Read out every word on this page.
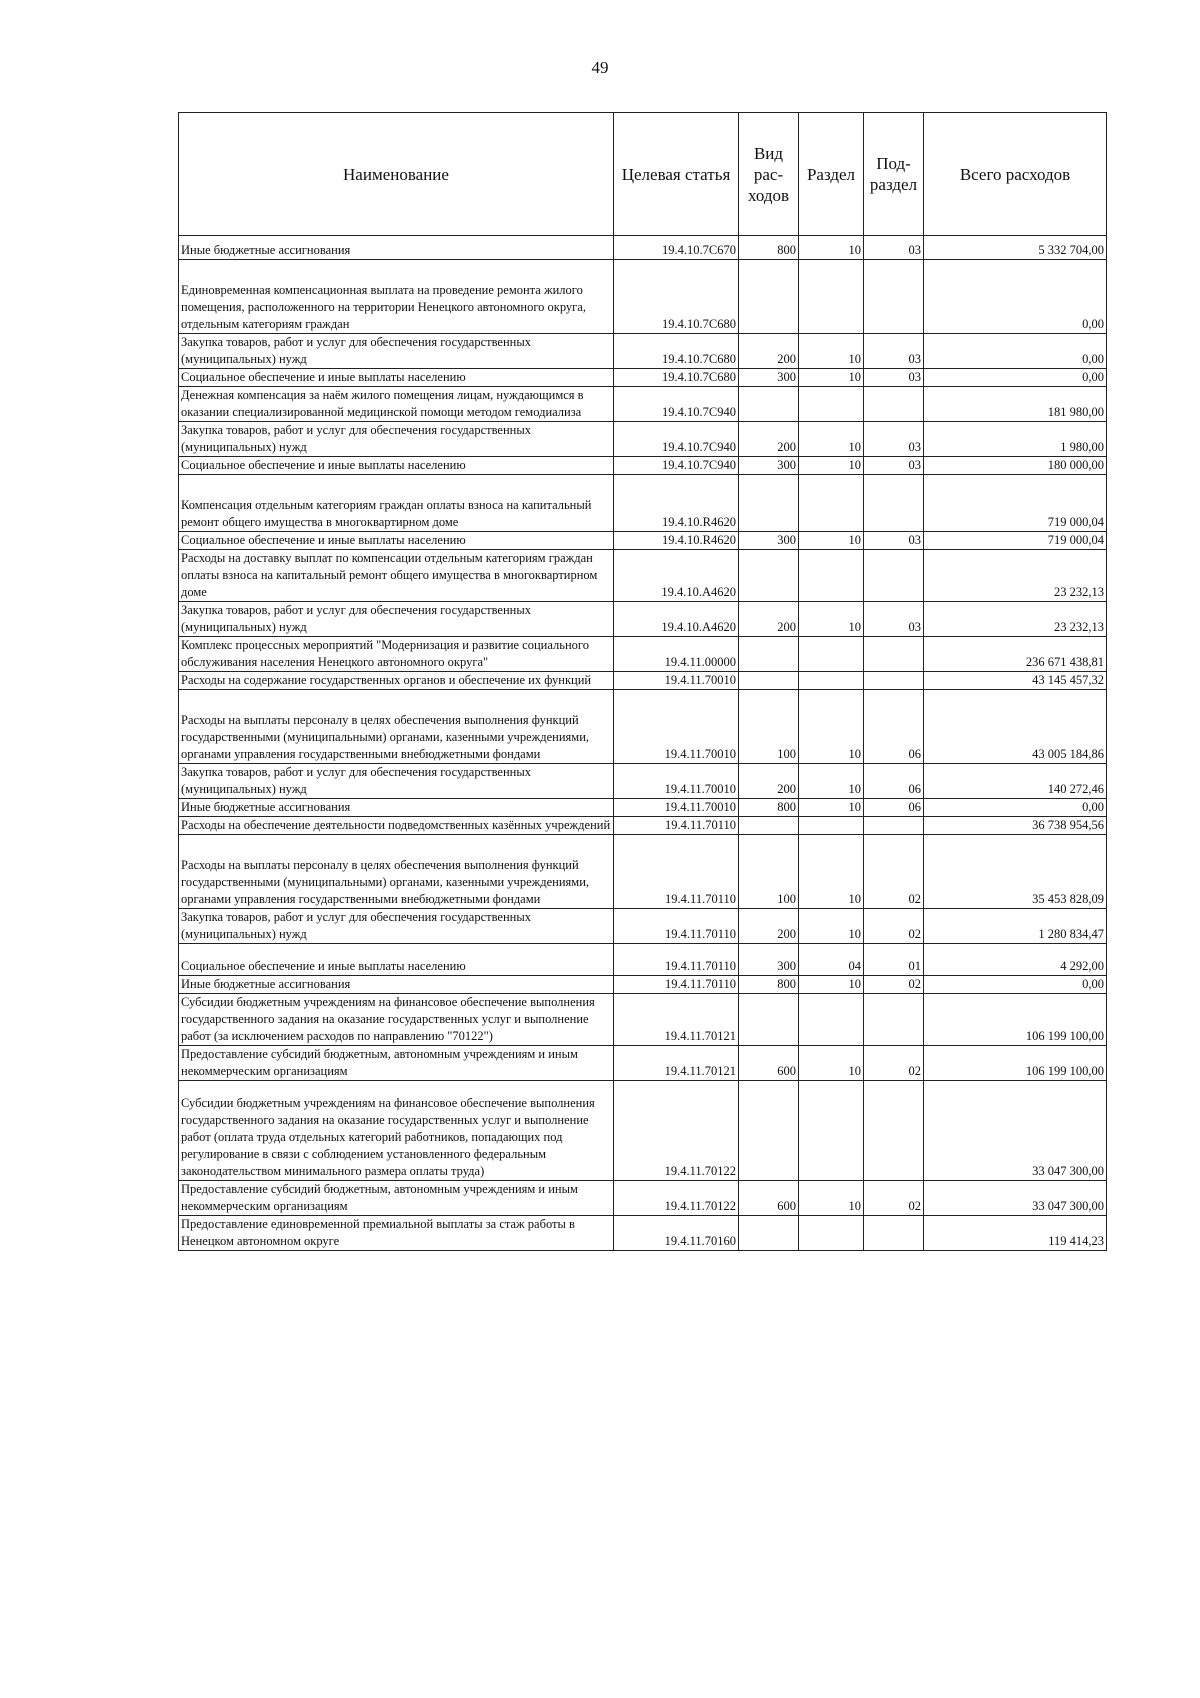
49
Наименование	Целевая статья	Вид рас-ходов	Раздел	Под-раздел	Всего расходов
Иные бюджетные ассигнования	19.4.10.7C670	800	10	03	5 332 704,00
Единовременная компенсационная выплата на проведение ремонта жилого помещения, расположенного на территории Ненецкого автономного округа, отдельным категориям граждан	19.4.10.7C680				0,00
Закупка товаров, работ и услуг для обеспечения государственных (муниципальных) нужд	19.4.10.7C680	200	10	03	0,00
Социальное обеспечение и иные выплаты населению	19.4.10.7C680	300	10	03	0,00
Денежная компенсация за наём жилого помещения лицам, нуждающимся в оказании специализированной медицинской помощи методом гемодиализа	19.4.10.7C940				181 980,00
Закупка товаров, работ и услуг для обеспечения государственных (муниципальных) нужд	19.4.10.7C940	200	10	03	1 980,00
Социальное обеспечение и иные выплаты населению	19.4.10.7C940	300	10	03	180 000,00
Компенсация отдельным категориям граждан оплаты взноса на капитальный ремонт общего имущества в многоквартирном доме	19.4.10.R4620				719 000,04
Социальное обеспечение и иные выплаты населению	19.4.10.R4620	300	10	03	719 000,04
Расходы на доставку выплат по компенсации отдельным категориям граждан оплаты взноса на капитальный ремонт общего имущества в многоквартирном доме	19.4.10.A4620				23 232,13
Закупка товаров, работ и услуг для обеспечения государственных (муниципальных) нужд	19.4.10.A4620	200	10	03	23 232,13
Комплекс процессных мероприятий "Модернизация и развитие социального обслуживания населения Ненецкого автономного округа"	19.4.11.00000				236 671 438,81
Расходы на содержание государственных органов и обеспечение их функций	19.4.11.70010				43 145 457,32
Расходы на выплаты персоналу в целях обеспечения выполнения функций государственными (муниципальными) органами, казенными учреждениями, органами управления государственными внебюджетными фондами	19.4.11.70010	100	10	06	43 005 184,86
Закупка товаров, работ и услуг для обеспечения государственных (муниципальных) нужд	19.4.11.70010	200	10	06	140 272,46
Иные бюджетные ассигнования	19.4.11.70010	800	10	06	0,00
Расходы на обеспечение деятельности подведомственных казённых учреждений	19.4.11.70110				36 738 954,56
Расходы на выплаты персоналу в целях обеспечения выполнения функций государственными (муниципальными) органами, казенными учреждениями, органами управления государственными внебюджетными фондами	19.4.11.70110	100	10	02	35 453 828,09
Закупка товаров, работ и услуг для обеспечения государственных (муниципальных) нужд	19.4.11.70110	200	10	02	1 280 834,47
Социальное обеспечение и иные выплаты населению	19.4.11.70110	300	04	01	4 292,00
Иные бюджетные ассигнования	19.4.11.70110	800	10	02	0,00
Субсидии бюджетным учреждениям на финансовое обеспечение выполнения государственного задания на оказание государственных услуг и выполнение работ (за исключением расходов по направлению "70122")	19.4.11.70121				106 199 100,00
Предоставление субсидий бюджетным, автономным учреждениям и иным некоммерческим организациям	19.4.11.70121	600	10	02	106 199 100,00
Субсидии бюджетным учреждениям на финансовое обеспечение выполнения государственного задания на оказание государственных услуг и выполнение работ (оплата труда отдельных категорий работников, попадающих под регулирование в связи с соблюдением установленного федеральным законодательством минимального размера оплаты труда)	19.4.11.70122				33 047 300,00
Предоставление субсидий бюджетным, автономным учреждениям и иным некоммерческим организациям	19.4.11.70122	600	10	02	33 047 300,00
Предоставление единовременной премиальной выплаты за стаж работы в Ненецком автономном округе	19.4.11.70160				119 414,23
